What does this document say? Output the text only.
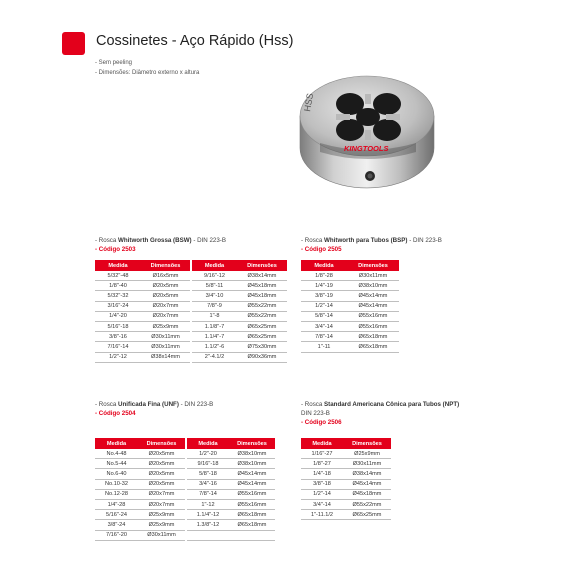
Cossinetes - Aço Rápido (Hss)
- Sem peeling
- Dimensões: Diâmetro externo x altura
HSS
KINGTOOLS
- Rosca Whitworth Grossa (BSW) - DIN 223-B
- Código 2503
Medida	Dimensões	Medida	Dimensões
5/32"-48	Ø16x5mm	9/16"-12	Ø38x14mm
1/8"-40	Ø20x5mm	5/8"-11	Ø45x18mm
5/32"-32	Ø20x5mm	3/4"-10	Ø45x18mm
3/16"-24	Ø20x7mm	7/8"-9	Ø55x22mm
1/4"-20	Ø20x7mm	1"-8	Ø55x22mm
5/16"-18	Ø25x9mm	1.1/8"-7	Ø65x25mm
3/8"-16	Ø30x11mm	1.1/4"-7	Ø65x25mm
7/16"-14	Ø30x11mm	1.1/2"-6	Ø75x30mm
1/2"-12	Ø38x14mm	2"-4.1/2	Ø90x36mm
- Rosca Whitworth para Tubos (BSP) - DIN 223-B
- Código 2505
Medida	Dimensões
1/8"-28	Ø30x11mm
1/4"-19	Ø38x10mm
3/8"-19	Ø45x14mm
1/2"-14	Ø45x14mm
5/8"-14	Ø55x16mm
3/4"-14	Ø55x16mm
7/8"-14	Ø65x18mm
1"-11	Ø65x18mm
- Rosca Unificada Fina (UNF) - DIN 223-B
- Código 2504
Medida	Dimensões	Medida	Dimensões
No.4-48	Ø20x5mm	1/2"-20	Ø38x10mm
No.5-44	Ø20x5mm	9/16"-18	Ø38x10mm
No.6-40	Ø20x5mm	5/8"-18	Ø45x14mm
No.10-32	Ø20x5mm	3/4"-16	Ø45x14mm
No.12-28	Ø20x7mm	7/8"-14	Ø55x16mm
1/4"-28	Ø20x7mm	1"-12	Ø55x16mm
5/16"-24	Ø25x9mm	1.1/4"-12	Ø65x18mm
3/8"-24	Ø25x9mm	1.3/8"-12	Ø65x18mm
7/16"-20	Ø30x11mm		
- Rosca Standard Americana Cônica para Tubos (NPT)
DIN 223-B
- Código 2506
Medida	Dimensões
1/16"-27	Ø25x9mm
1/8"-27	Ø30x11mm
1/4"-18	Ø38x14mm
3/8"-18	Ø45x14mm
1/2"-14	Ø45x18mm
3/4"-14	Ø55x22mm
1"-11.1/2	Ø65x25mm
